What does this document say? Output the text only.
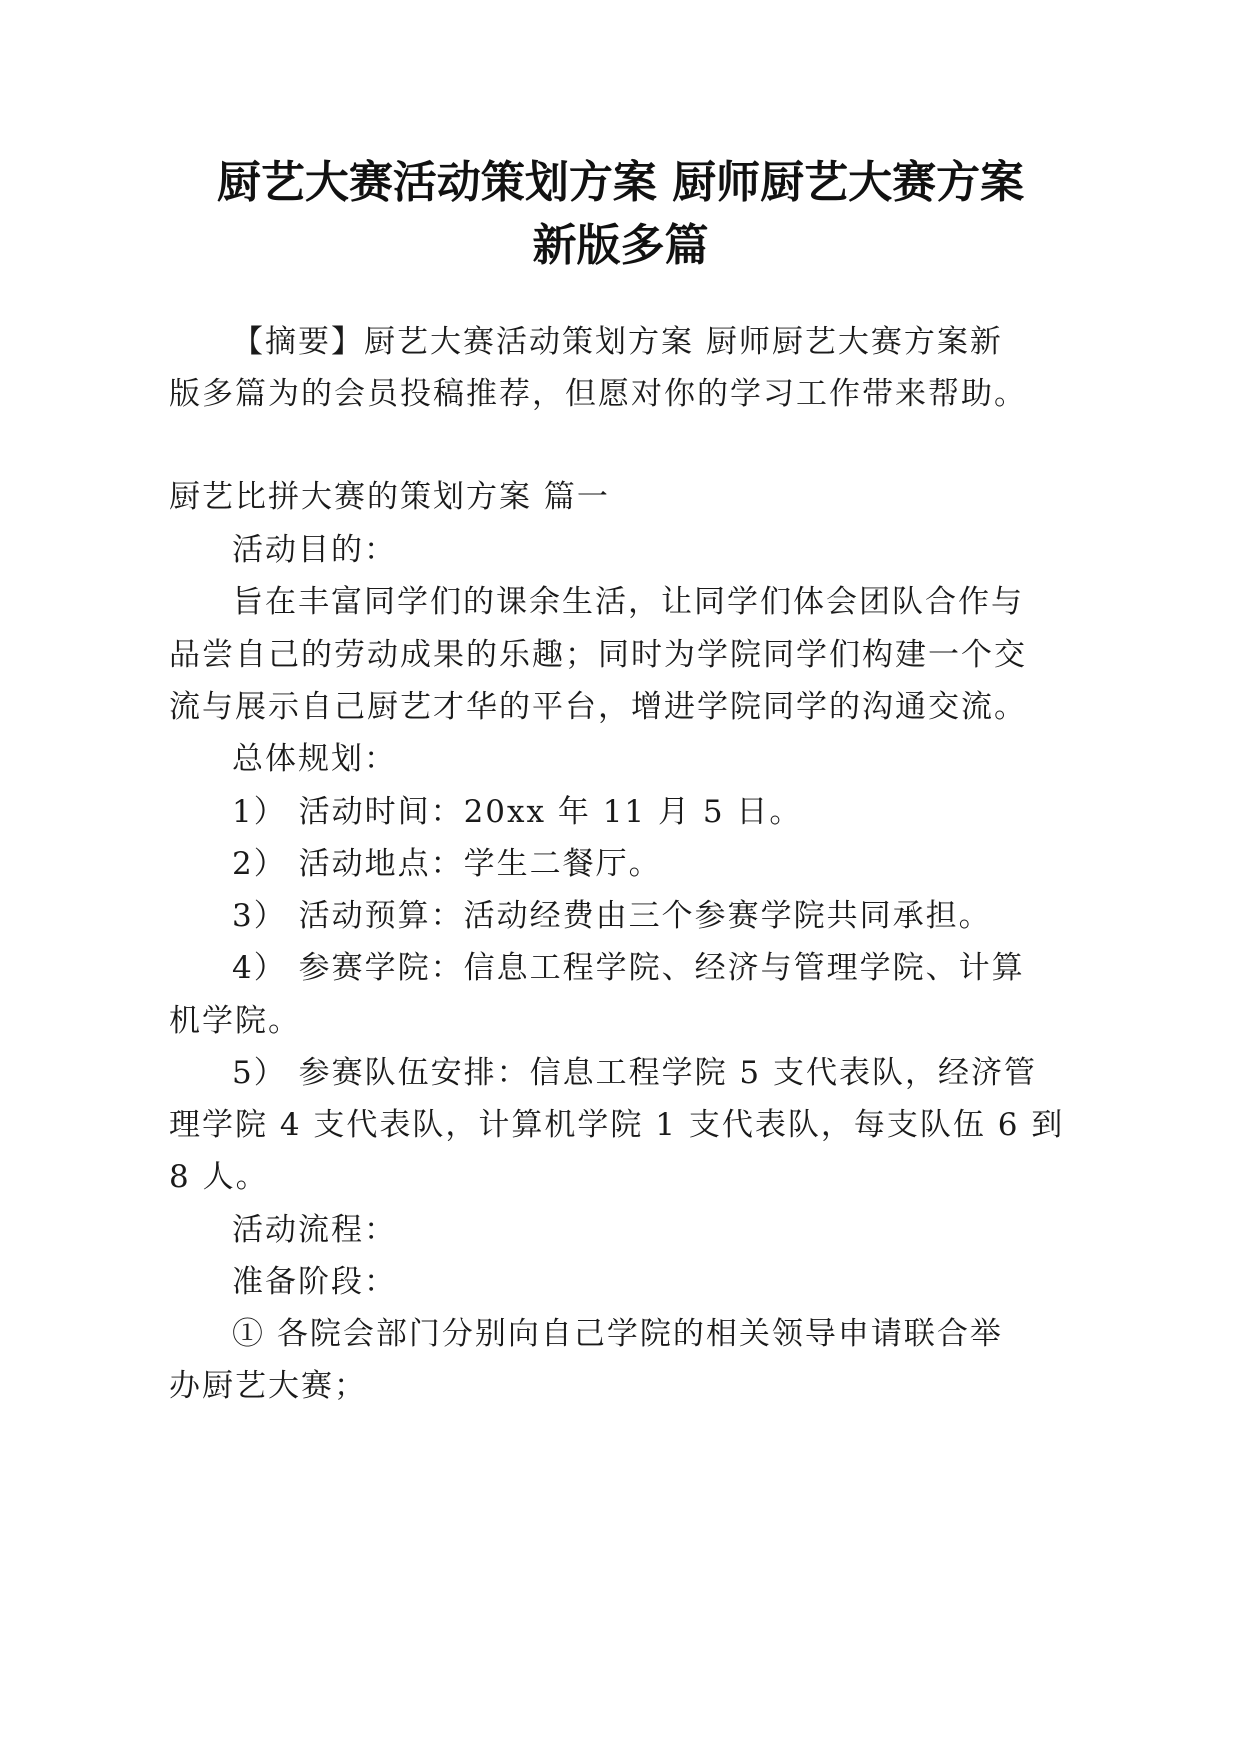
厨艺大赛活动策划方案 厨师厨艺大赛方案
新版多篇

【摘要】厨艺大赛活动策划方案 厨师厨艺大赛方案新

版多篇为的会员投稿推荐，但愿对你的学习工作带来帮助。

厨艺比拼大赛的策划方案 篇一

活动目的：

旨在丰富同学们的课余生活，让同学们体会团队合作与

品尝自己的劳动成果的乐趣；同时为学院同学们构建一个交

流与展示自己厨艺才华的平台，增进学院同学的沟通交流。

总体规划：

1） 活动时间：20xx 年 11 月 5 日。

2） 活动地点：学生二餐厅。

3） 活动预算：活动经费由三个参赛学院共同承担。

4） 参赛学院：信息工程学院、经济与管理学院、计算

机学院。

5） 参赛队伍安排：信息工程学院 5 支代表队，经济管

理学院 4 支代表队，计算机学院 1 支代表队，每支队伍 6 到

8 人。

活动流程：

准备阶段：

① 各院会部门分别向自己学院的相关领导申请联合举

办厨艺大赛；
